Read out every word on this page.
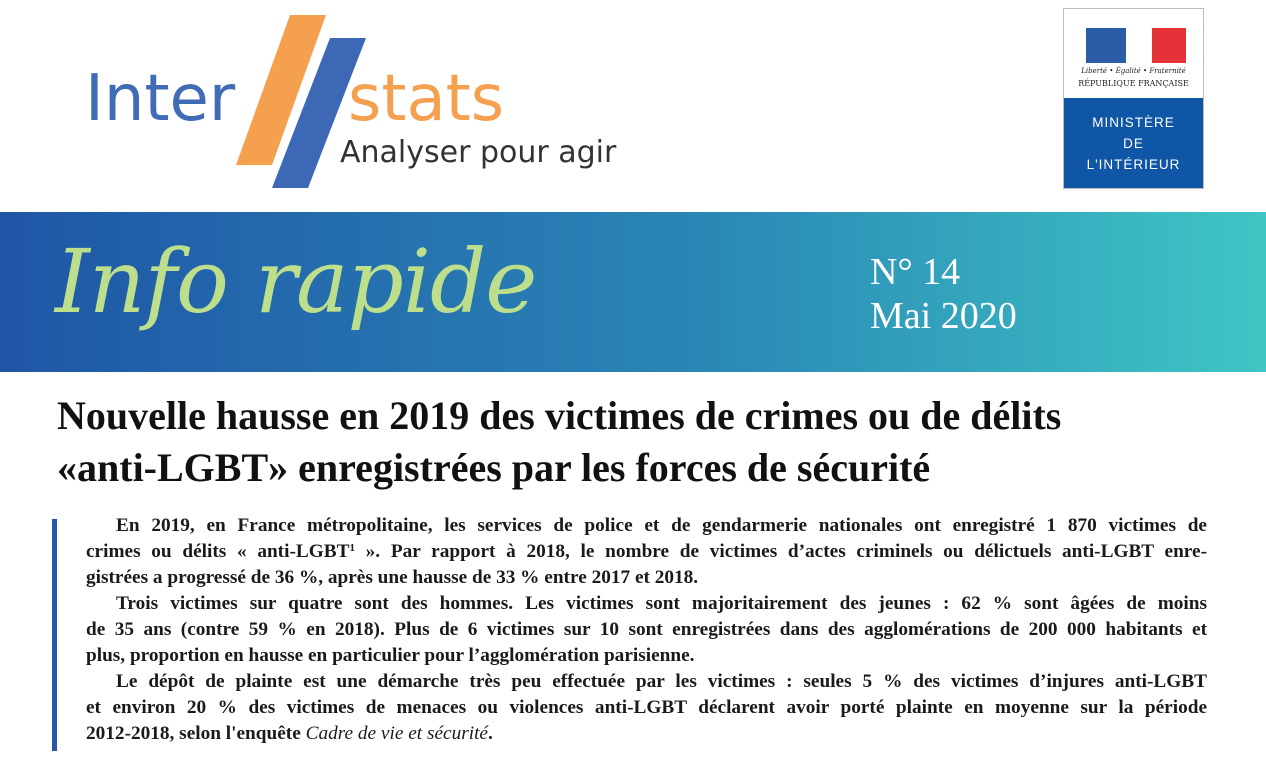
Inter stats
Analyser pour agir
Liberté • Égalité • Fraternité
RÉPUBLIQUE FRANÇAISE
MINISTÈRE
DE
L'INTÉRIEUR
Info rapide	N° 14
Mai 2020
Nouvelle hausse en 2019 des victimes de crimes ou de délits
«anti-LGBT» enregistrées par les forces de sécurité
En 2019, en France métropolitaine, les services de police et de gendarmerie nationales ont enregistré 1 870 victimes de
crimes ou délits « anti-LGBT$^1$ ». Par rapport à 2018, le nombre de victimes d’actes criminels ou délictuels anti-LGBT enre-
gistrées a progressé de 36 %, après une hausse de 33 % entre 2017 et 2018.
Trois victimes sur quatre sont des hommes. Les victimes sont majoritairement des jeunes : 62 % sont âgées de moins
de 35 ans (contre 59 % en 2018). Plus de 6 victimes sur 10 sont enregistrées dans des agglomérations de 200 000 habitants et
plus, proportion en hausse en particulier pour l’agglomération parisienne.
Le dépôt de plainte est une démarche très peu effectuée par les victimes : seules 5 % des victimes d’injures anti-LGBT
et environ 20 % des victimes de menaces ou violences anti-LGBT déclarent avoir porté plainte en moyenne sur la période
2012-2018, selon l'enquête Cadre de vie et sécurité.
